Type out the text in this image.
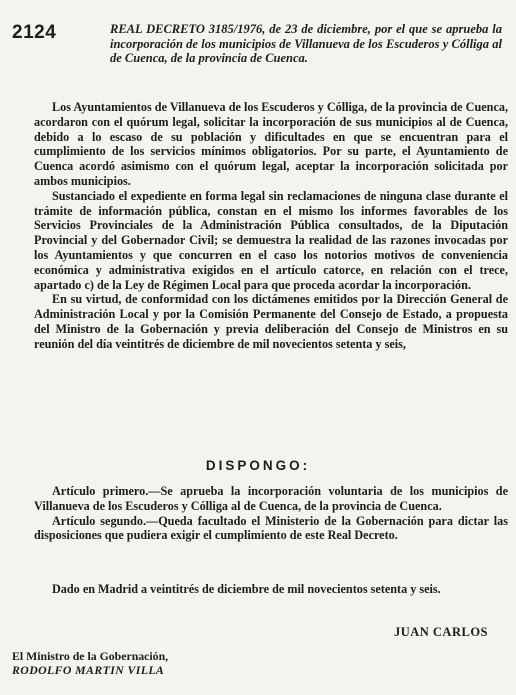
2124	REAL DECRETO 3185/1976, de 23 de diciembre, por el que se aprueba la incorporación de los municipios de Villanueva de los Escuderos y Cólliga al de Cuenca, de la provincia de Cuenca.

Los Ayuntamientos de Villanueva de los Escuderos y Cólliga, de la provincia de Cuenca, acordaron con el quórum legal, solicitar la incorporación de sus municipios al de Cuenca, debido a lo escaso de su población y dificultades en que se encuentran para el cumplimiento de los servicios mínimos obligatorios. Por su parte, el Ayuntamiento de Cuenca acordó asimismo con el quórum legal, aceptar la incorporación solicitada por ambos municipios.

Sustanciado el expediente en forma legal sin reclamaciones de ninguna clase durante el trámite de información pública, constan en el mismo los informes favorables de los Servicios Provinciales de la Administración Pública consultados, de la Diputación Provincial y del Gobernador Civil; se demuestra la realidad de las razones invocadas por los Ayuntamientos y que concurren en el caso los notorios motivos de conveniencia económica y administrativa exigidos en el artículo catorce, en relación con el trece, apartado c) de la Ley de Régimen Local para que proceda acordar la incorporación.

En su virtud, de conformidad con los dictámenes emitidos por la Dirección General de Administración Local y por la Comisión Permanente del Consejo de Estado, a propuesta del Ministro de la Gobernación y previa deliberación del Consejo de Ministros en su reunión del día veintitrés de diciembre de mil novecientos setenta y seis,

DISPONGO:

Artículo primero.—Se aprueba la incorporación voluntaria de los municipios de Villanueva de los Escuderos y Cólliga al de Cuenca, de la provincia de Cuenca.

Artículo segundo.—Queda facultado el Ministerio de la Gobernación para dictar las disposiciones que pudiera exigir el cumplimiento de este Real Decreto.

Dado en Madrid a veintitrés de diciembre de mil novecientos setenta y seis.

JUAN CARLOS
El Ministro de la Gobernación,
RODOLFO MARTIN VILLA
